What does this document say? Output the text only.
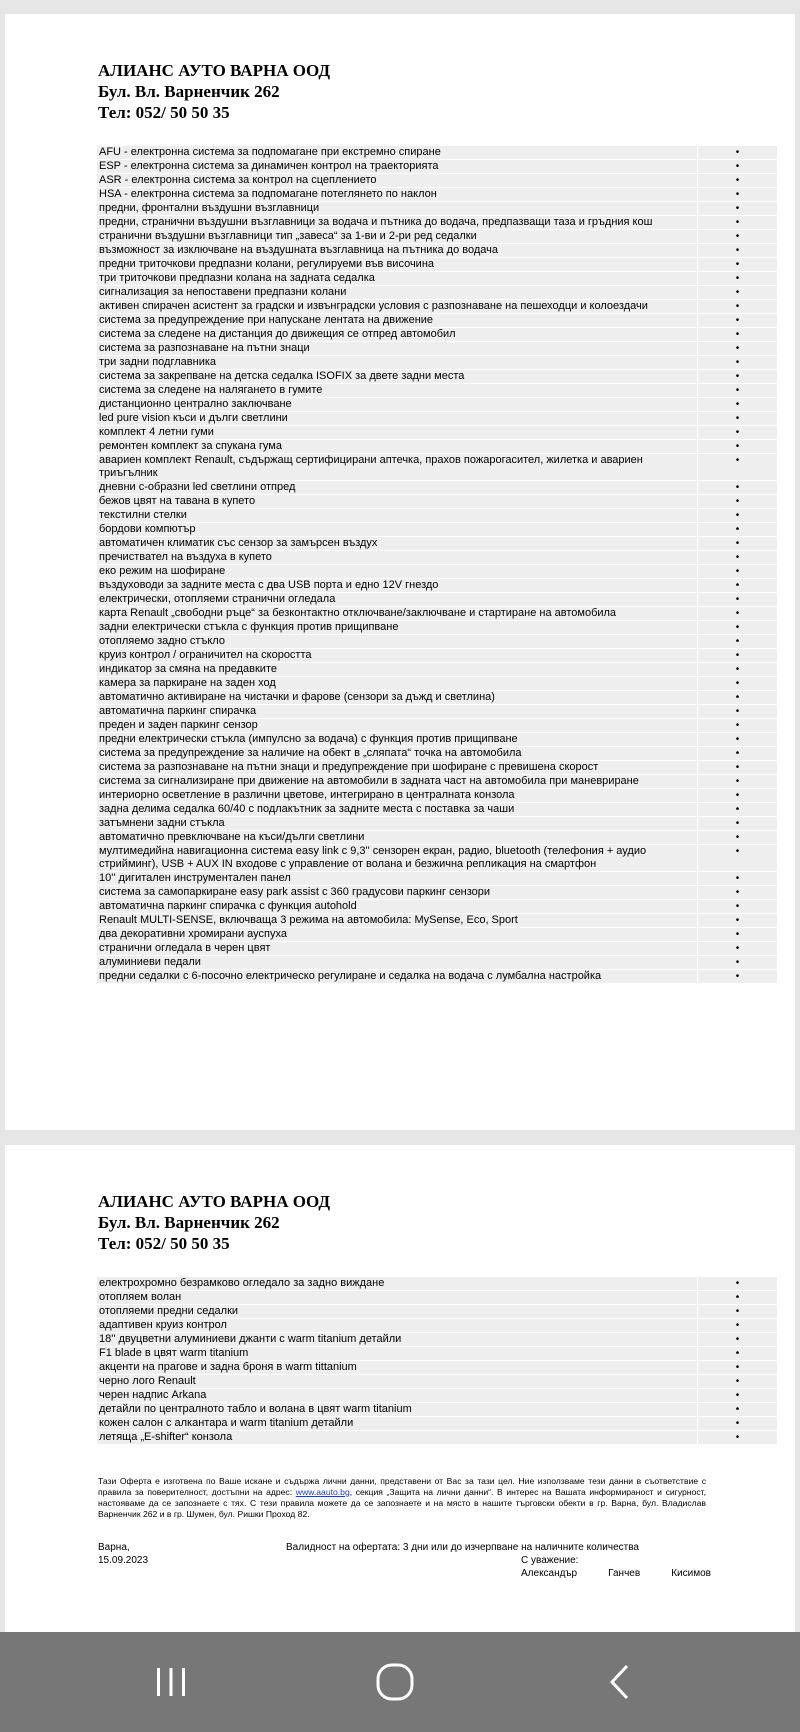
АЛИАНС АУТО ВАРНА ООД
Бул. Вл. Варненчик 262
Тел: 052/ 50 50 35
AFU - електронна система за подпомагане при екстремно спиране	•
ESP - електронна система за динамичен контрол на траекторията	•
ASR - електронна система за контрол на сцеплението	•
HSA - електронна система за подпомагане потеглянето по наклон	•
предни, фронтални въздушни възглавници	•
предни, странични въздушни възглавници за водача и пътника до водача, предпазващи таза и гръдния кош	•
странични въздушни възглавници тип „завеса“ за 1-ви и 2-ри ред седалки	•
възможност за изключване на въздушната възглавница на пътника до водача	•
предни триточкови предпазни колани, регулируеми във височина	•
три триточкови предпазни колана на задната седалка	•
сигнализация за непоставени предпазни колани	•
активен спирачен асистент за градски и извънградски условия с разпознаване на пешеходци и колоездачи	•
система за предупреждение при напускане лентата на движение	•
система за следене на дистанция до движещия се отпред автомобил	•
система за разпознаване на пътни знаци	•
три задни подглавника	•
система за закрепване на детска седалка ISOFIX за двете задни места	•
система за следене на налягането в гумите	•
дистанционно централно заключване	•
led pure vision къси и дълги светлини	•
комплект 4 летни гуми	•
ремонтен комплект за спукана гума	•
авариен комплект Renault, съдържащ сертифицирани аптечка, прахов пожарогасител, жилетка и авариен триъгълник	•
дневни с-образни led светлини отпред	•
бежов цвят на тавана в купето	•
текстилни стелки	•
бордови компютър	•
автоматичен климатик със сензор за замърсен въздух	•
пречиствател на въздуха в купето	•
еко режим на шофиране	•
въздуховоди за задните места с два USB порта и едно 12V гнездо	•
електрически, отопляеми странични огледала	•
карта Renault „свободни ръце“ за безконтактно отключване/заключване и стартиране на автомобила	•
задни електрически стъкла с функция против прищипване	•
отопляемо задно стъкло	•
круиз контрол / ограничител на скоростта	•
индикатор за смяна на предавките	•
камера за паркиране на заден ход	•
автоматично активиране на чистачки и фарове (сензори за дъжд и светлина)	•
автоматична паркинг спирачка	•
преден и заден паркинг сензор	•
предни електрически стъкла (импулсно за водача) с функция против прищипване	•
система за предупреждение за наличие на обект в „сляпата“ точка на автомобила	•
система за разпознаване на пътни знаци и предупреждение при шофиране с превишена скорост	•
система за сигнализиране при движение на автомобили в задната част на автомобила при маневриране	•
интериорно осветление в различни цветове, интегрирано в централната конзола	•
задна делима седалка 60/40 с подлакътник за задните места с поставка за чаши	•
затъмнени задни стъкла	•
автоматично превключване на къси/дълги светлини	•
мултимедийна навигационна система easy link с 9,3'' сензорен екран, радио, bluetooth (телефония + аудио стрийминг), USB + AUX IN входове с управление от волана и безжична репликация на смартфон	•
10'' дигитален инструментален панел	•
система за самопаркиране easy park assist с 360 градусови паркинг сензори	•
автоматична паркинг спирачка с функция autohold	•
Renault MULTI-SENSE, включваща 3 режима на автомобила: MySense, Eco, Sport	•
два декоративни хромирани ауспуха	•
странични огледала в черен цвят	•
алуминиеви педали	•
предни седалки с 6-посочно електрическо регулиране и седалка на водача с лумбална настройка	•
АЛИАНС АУТО ВАРНА ООД
Бул. Вл. Варненчик 262
Тел: 052/ 50 50 35
електрохромно безрамково огледало за задно виждане	•
отопляем волан	•
отопляеми предни седалки	•
адаптивен круиз контрол	•
18'' двуцветни алуминиеви джанти с warm titanium детайли	•
F1 blade в цвят warm titanium	•
акценти на прагове и задна броня в warm tittanium	•
черно лого Renault	•
черен надпис Arkana	•
детайли по централното табло и волана в цвят warm titanium	•
кожен салон с алкантара и warm titanium детайли	•
летяща „E-shifter“ конзола	•
Тази Оферта е изготвена по Ваше искане и съдържа лични данни, представени от Вас за тази цел. Ние използваме тези данни в съответствие с правила за поверителност, достъпни на адрес: www.aauto.bg, секция „Защита на лични данни“. В интерес на Вашата информираност и сигурност, настояваме да се запознаете с тях. С тези правила можете да се запознаете и на място в нашите търговски обекти в гр. Варна, бул. Владислав Варненчик 262 и в гр. Шумен, бул. Ришки Проход 82.
Варна,
15.09.2023
Валидност на офертата: 3 дни или до изчерпване на наличните количества
С уважение:
Александър	Ганчев	Кисимов
